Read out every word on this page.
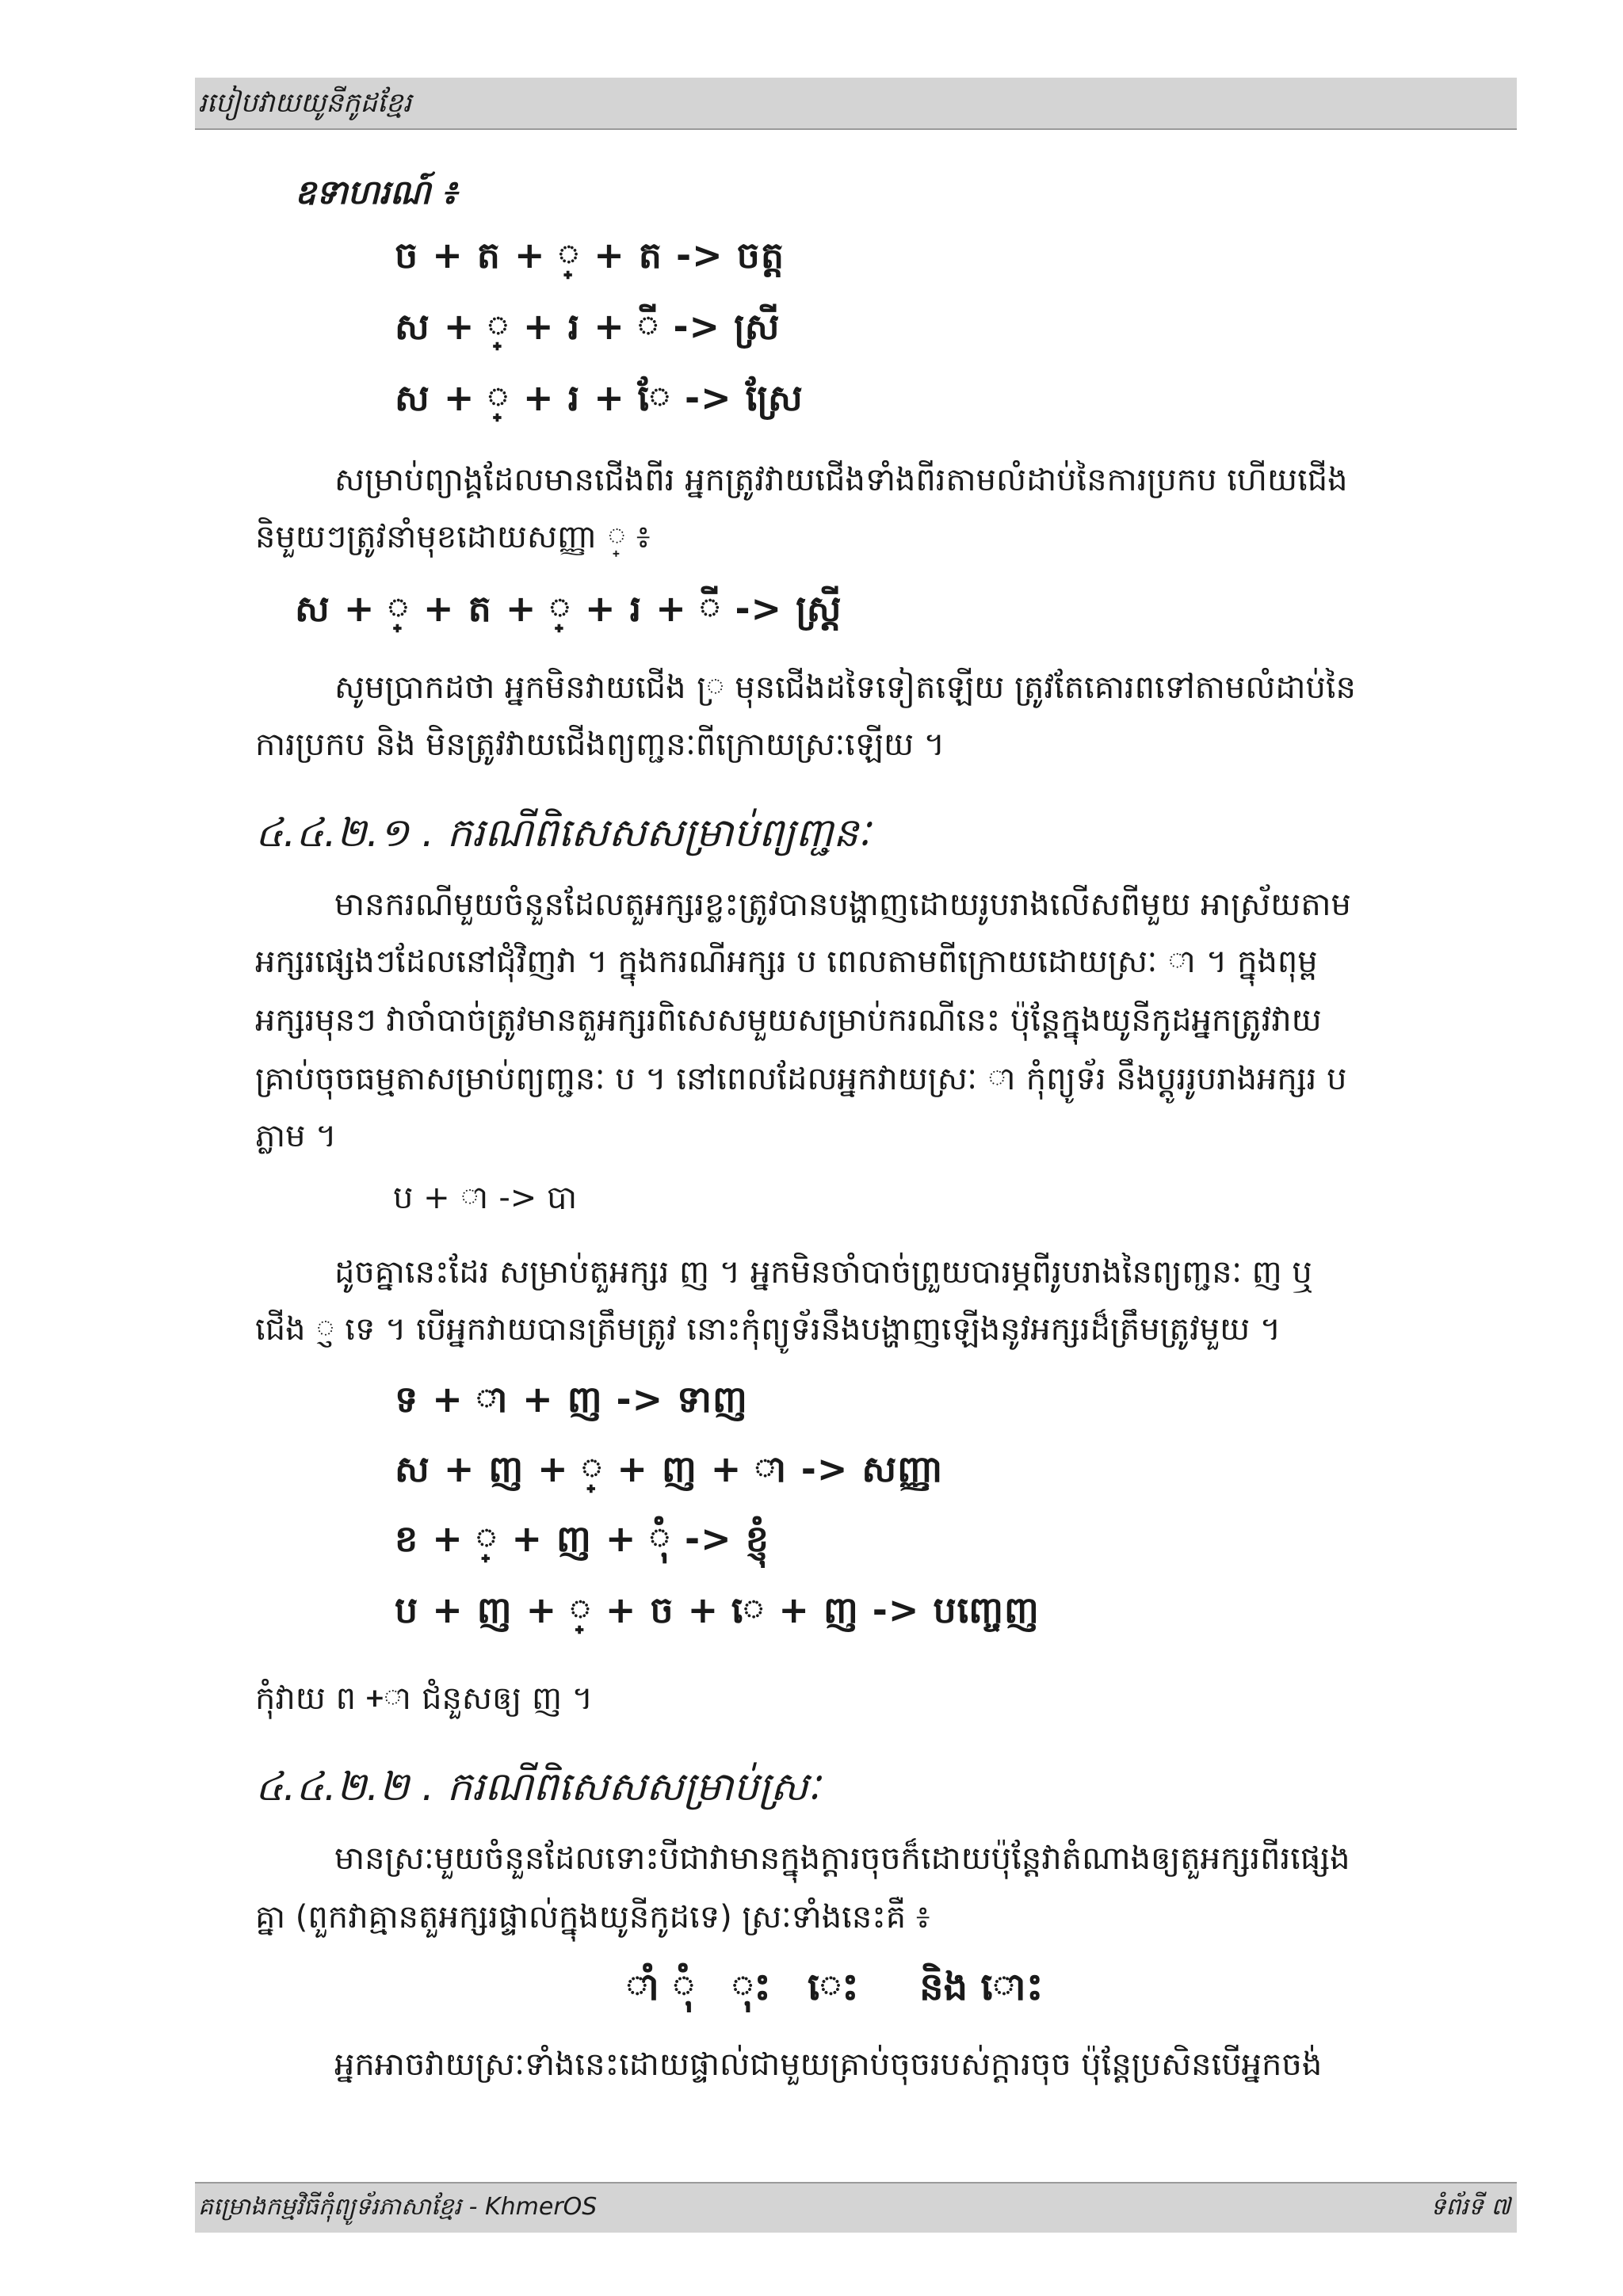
របៀបវាយយូនីកូដខ្មែរ
ឧទាហរណ៍ ៖
ច + ត + ្ + ត -> ចត្ត
ស + ្ + រ + ី -> ស្រី
ស + ្ + រ + ែ -> ស្រែ
សម្រាប់ព្យាង្គដែលមានជើងពីរ អ្នកត្រូវវាយជើងទាំងពីរតាមលំដាប់នៃការប្រកប ហើយជើង
និមួយៗត្រូវនាំមុខដោយសញ្ញា ្ ៖
ស + ្ + ត + ្ + រ + ី -> ស្ត្រី
សូមប្រាកដថា អ្នកមិនវាយជើង ្រ មុនជើងដទៃទៀតឡើយ ត្រូវតែគោរពទៅតាមលំដាប់នៃ
ការប្រកប និង មិនត្រូវវាយជើងព្យញ្ជនៈពីក្រោយស្រៈឡើយ ។
៤.៤.២.១ . ករណីពិសេសសម្រាប់ព្យញ្ជនៈ
មានករណីមួយចំនួនដែលតួអក្សរខ្លះត្រូវបានបង្ហាញដោយរូបរាងលើសពីមួយ អាស្រ័យតាម
អក្សរផ្សេងៗដែលនៅជុំវិញវា ។ ក្នុងករណីអក្សរ ប ពេលតាមពីក្រោយដោយស្រៈ ា ។ ក្នុងពុម្ព
អក្សរមុនៗ វាចាំបាច់ត្រូវមានតួអក្សរពិសេសមួយសម្រាប់ករណីនេះ ប៉ុន្តែក្នុងយូនីកូដអ្នកត្រូវវាយ
គ្រាប់ចុចធម្មតាសម្រាប់ព្យញ្ជនៈ ប ។ នៅពេលដែលអ្នកវាយស្រៈ ា កុំព្យូទ័រ នឹងប្តូររូបរាងអក្សរ ប
ភ្លាម ។
ប + ា -> បា
ដូចគ្នានេះដែរ សម្រាប់តួអក្សរ ញ ។ អ្នកមិនចាំបាច់ព្រួយបារម្ភពីរូបរាងនៃព្យញ្ជនៈ ញ ឬ
ជើង ្ញ ទេ ។ បើអ្នកវាយបានត្រឹមត្រូវ នោះកុំព្យូទ័រនឹងបង្ហាញឡើងនូវអក្សរដ៏ត្រឹមត្រូវមួយ ។
ទ + ា + ញ -> ទាញ
ស + ញ + ្ + ញ + ា -> សញ្ញា
ខ + ្ + ញ + ុំ -> ខ្ញុំ
ប + ញ + ្ + ច + េ + ញ -> បញ្ចេញ
កុំវាយ ព +ា ជំនួសឲ្យ ញ ។
៤.៤.២.២ . ករណីពិសេសសម្រាប់ស្រៈ
មានស្រៈមួយចំនួនដែលទោះបីជាវាមានក្នុងក្តារចុចក៏ដោយប៉ុន្តែវាតំណាងឲ្យតួអក្សរពីរផ្សេង
គ្នា (ពួកវាគ្មានតួអក្សរផ្ទាល់ក្នុងយូនីកូដទេ) ស្រៈទាំងនេះគឺ ៖
ាំ ុំ ុះ េះ និង ោះ
អ្នកអាចវាយស្រៈទាំងនេះដោយផ្ទាល់ជាមួយគ្រាប់ចុចរបស់ក្តារចុច ប៉ុន្តែប្រសិនបើអ្នកចង់
គម្រោងកម្មវិធីកុំព្យូទ័រភាសាខ្មែរ - KhmerOS	ទំព័រទី ៧
